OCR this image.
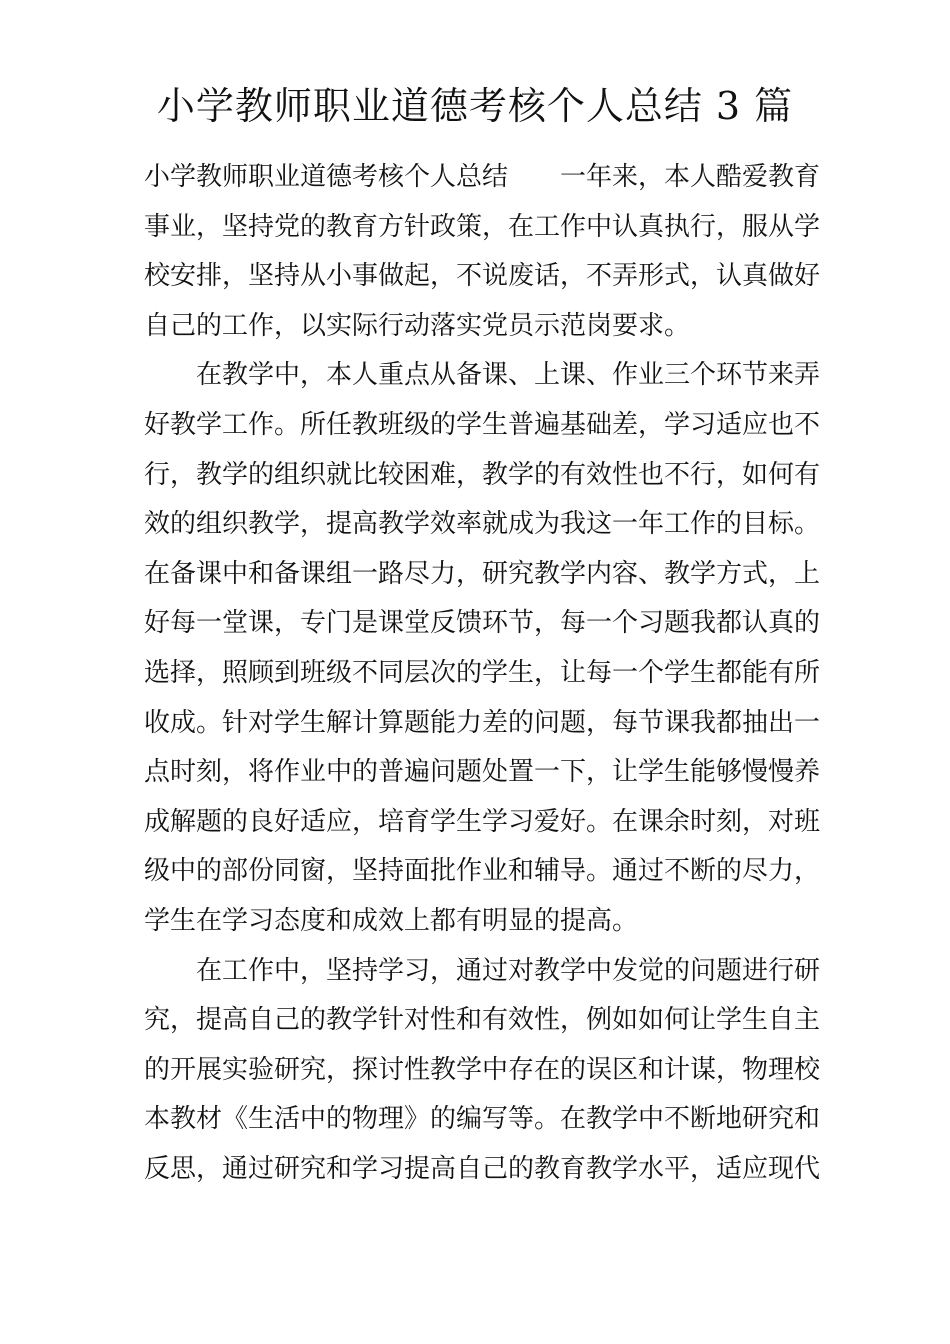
小学教师职业道德考核个人总结 3 篇
小学教师职业道德考核个人总结 一年来，本人酷爱教育
事业，坚持党的教育方针政策，在工作中认真执行，服从学
校安排，坚持从小事做起，不说废话，不弄形式，认真做好
自己的工作，以实际行动落实党员示范岗要求。
在教学中，本人重点从备课、上课、作业三个环节来弄
好教学工作。所任教班级的学生普遍基础差，学习适应也不
行，教学的组织就比较困难，教学的有效性也不行，如何有
效的组织教学，提高教学效率就成为我这一年工作的目标。
在备课中和备课组一路尽力，研究教学内容、教学方式，上
好每一堂课，专门是课堂反馈环节，每一个习题我都认真的
选择，照顾到班级不同层次的学生，让每一个学生都能有所
收成。针对学生解计算题能力差的问题，每节课我都抽出一
点时刻，将作业中的普遍问题处置一下，让学生能够慢慢养
成解题的良好适应，培育学生学习爱好。在课余时刻，对班
级中的部份同窗，坚持面批作业和辅导。通过不断的尽力，
学生在学习态度和成效上都有明显的提高。
在工作中，坚持学习，通过对教学中发觉的问题进行研
究，提高自己的教学针对性和有效性，例如如何让学生自主
的开展实验研究，探讨性教学中存在的误区和计谋，物理校
本教材《生活中的物理》的编写等。在教学中不断地研究和
反思，通过研究和学习提高自己的教育教学水平，适应现代
